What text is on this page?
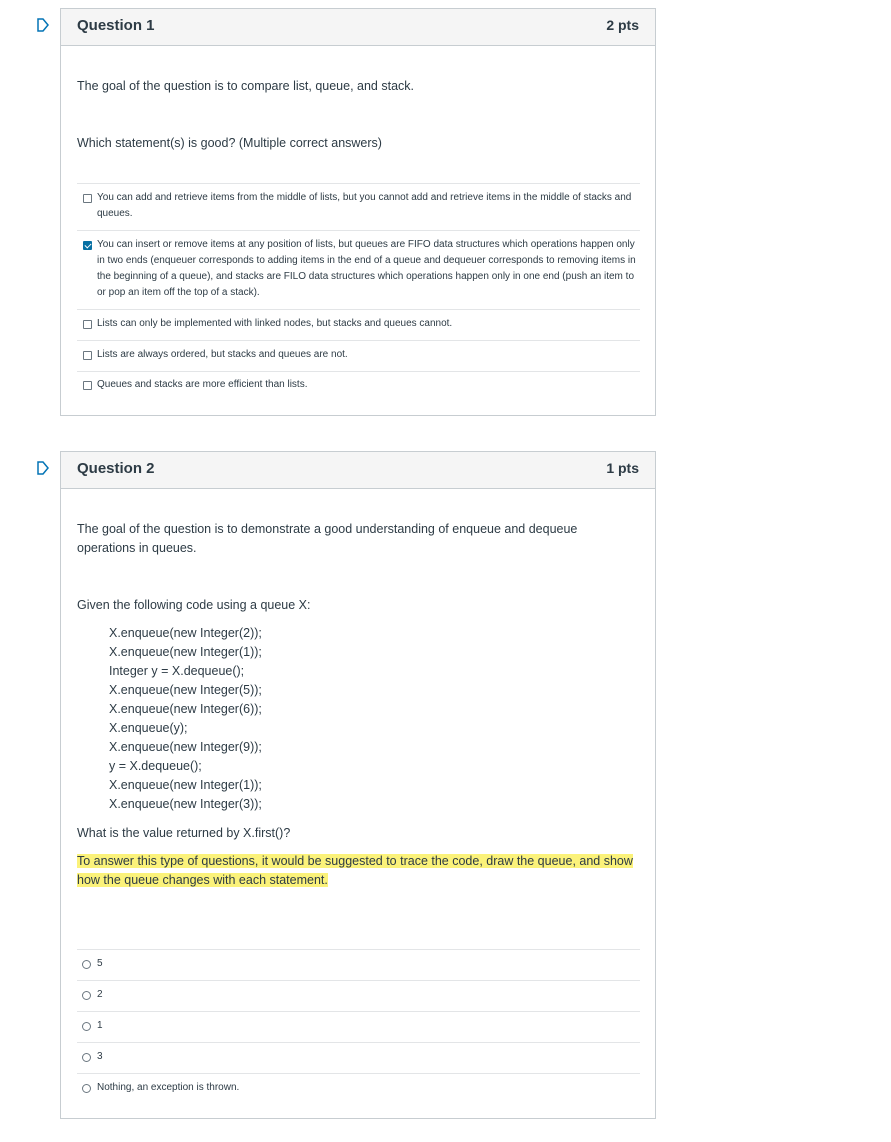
Question 1	2 pts
The goal of the question is to compare list, queue, and stack.
Which statement(s) is good? (Multiple correct answers)
You can add and retrieve items from the middle of lists, but you cannot add and retrieve items in the middle of stacks and queues.
You can insert or remove items at any position of lists, but queues are FIFO data structures which operations happen only in two ends (enqueuer corresponds to adding items in the end of a queue and dequeuer corresponds to removing items in the beginning of a queue), and stacks are FILO data structures which operations happen only in one end (push an item to or pop an item off the top of a stack).
Lists can only be implemented with linked nodes, but stacks and queues cannot.
Lists are always ordered, but stacks and queues are not.
Queues and stacks are more efficient than lists.
Question 2	1 pts
The goal of the question is to demonstrate a good understanding of enqueue and dequeue operations in queues.
Given the following code using a queue X:
X.enqueue(new Integer(2));
X.enqueue(new Integer(1));
Integer y = X.dequeue();
X.enqueue(new Integer(5));
X.enqueue(new Integer(6));
X.enqueue(y);
X.enqueue(new Integer(9));
y = X.dequeue();
X.enqueue(new Integer(1));
X.enqueue(new Integer(3));
What is the value returned by X.first()?
To answer this type of questions, it would be suggested to trace the code, draw the queue, and show how the queue changes with each statement.
5
2
1
3
Nothing, an exception is thrown.
